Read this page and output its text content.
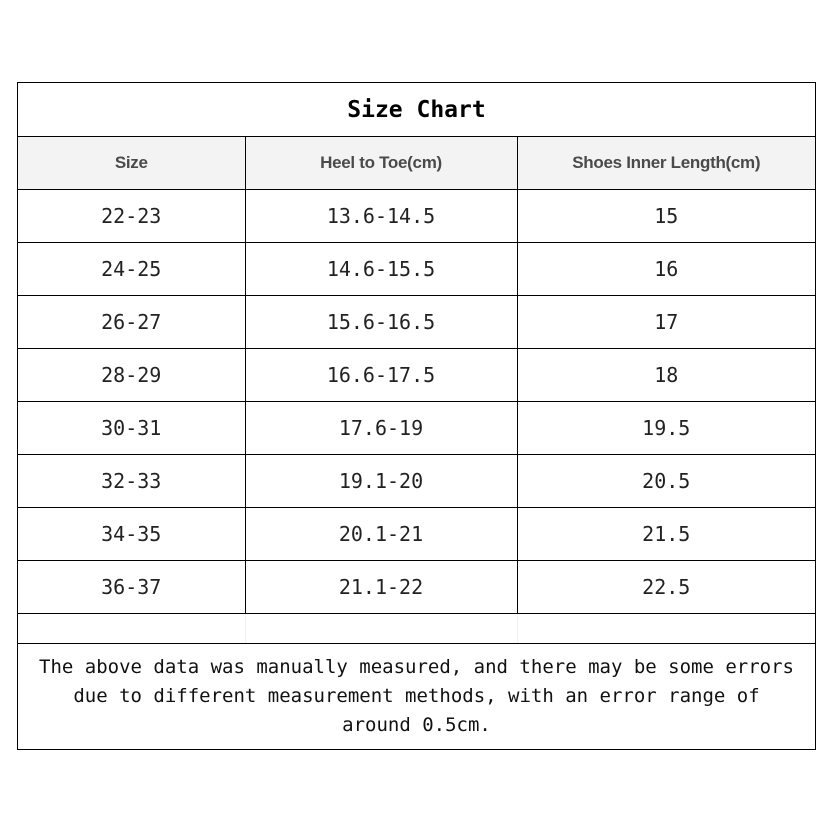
Size Chart
Size	Heel to Toe(cm)	Shoes Inner Length(cm)
22-23	13.6-14.5	15
24-25	14.6-15.5	16
26-27	15.6-16.5	17
28-29	16.6-17.5	18
30-31	17.6-19	19.5
32-33	19.1-20	20.5
34-35	20.1-21	21.5
36-37	21.1-22	22.5
The above data was manually measured, and there may be some errors due to different measurement methods, with an error range of around 0.5cm.
